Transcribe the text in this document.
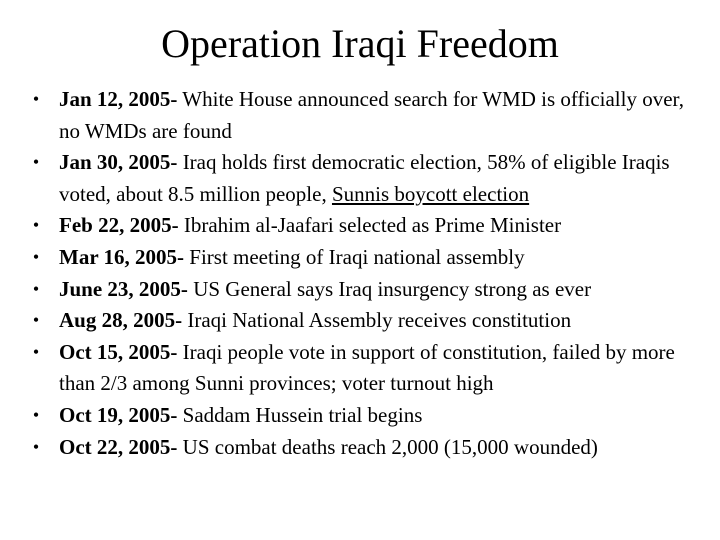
Operation Iraqi Freedom
• Jan 12, 2005- White House announced search for WMD is officially over, no WMDs are found
• Jan 30, 2005- Iraq holds first democratic election, 58% of eligible Iraqis voted, about 8.5 million people, Sunnis boycott election
• Feb 22, 2005- Ibrahim al-Jaafari selected as Prime Minister
• Mar 16, 2005- First meeting of Iraqi national assembly
• June 23, 2005- US General says Iraq insurgency strong as ever
• Aug 28, 2005- Iraqi National Assembly receives constitution
• Oct 15, 2005- Iraqi people vote in support of constitution, failed by more than 2/3 among Sunni provinces; voter turnout high
• Oct 19, 2005- Saddam Hussein trial begins
• Oct 22, 2005- US combat deaths reach 2,000 (15,000 wounded)
